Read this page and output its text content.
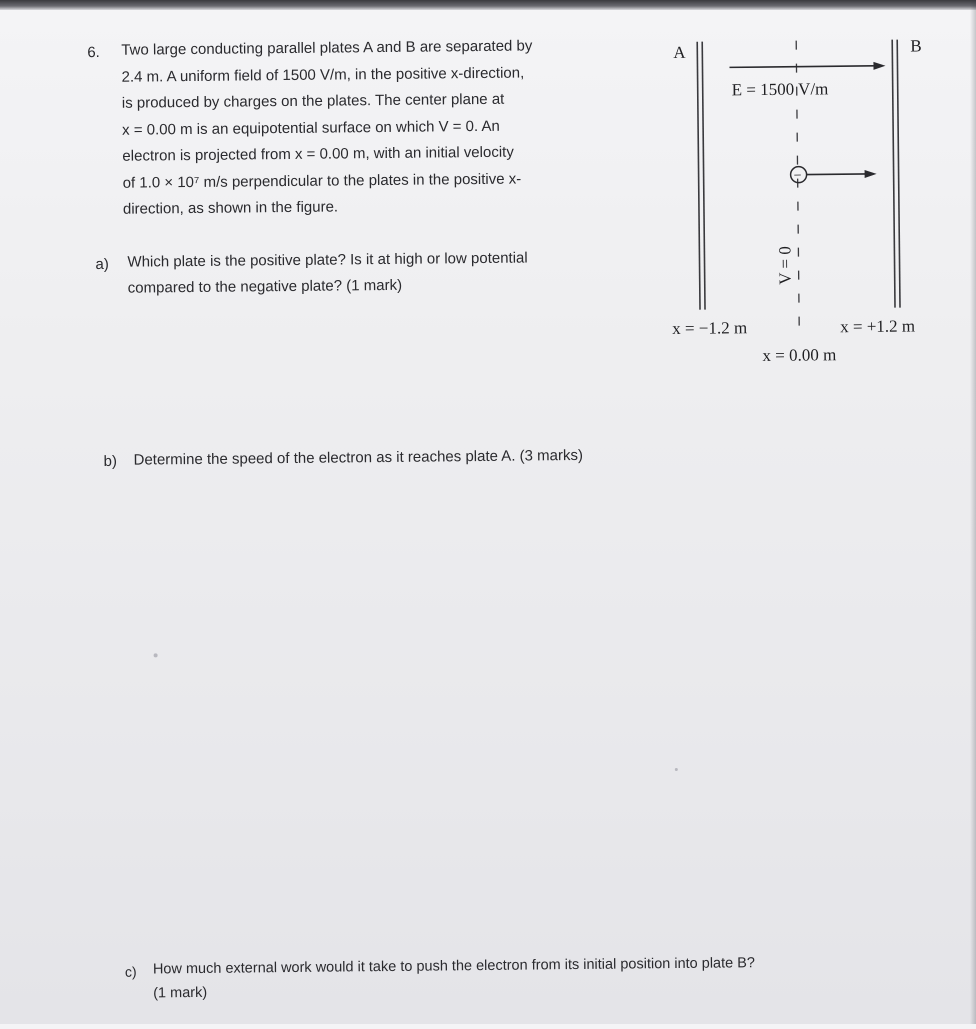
6. Two large conducting parallel plates A and B are separated by
2.4 m. A uniform field of 1500 V/m, in the positive x-direction,
is produced by charges on the plates. The center plane at
x = 0.00 m is an equipotential surface on which V = 0. An
electron is projected from x = 0.00 m, with an initial velocity
of 1.0 × 10⁷ m/s perpendicular to the plates in the positive x-
direction, as shown in the figure.
a) Which plate is the positive plate? Is it at high or low potential
compared to the negative plate? (1 mark)
b) Determine the speed of the electron as it reaches plate A. (3 marks)
c) How much external work would it take to push the electron from its initial position into plate B?
(1 mark)
A	B
E = 1500 V/m
−
V = 0
x = −1.2 m	x = +1.2 m
x = 0.00 m
